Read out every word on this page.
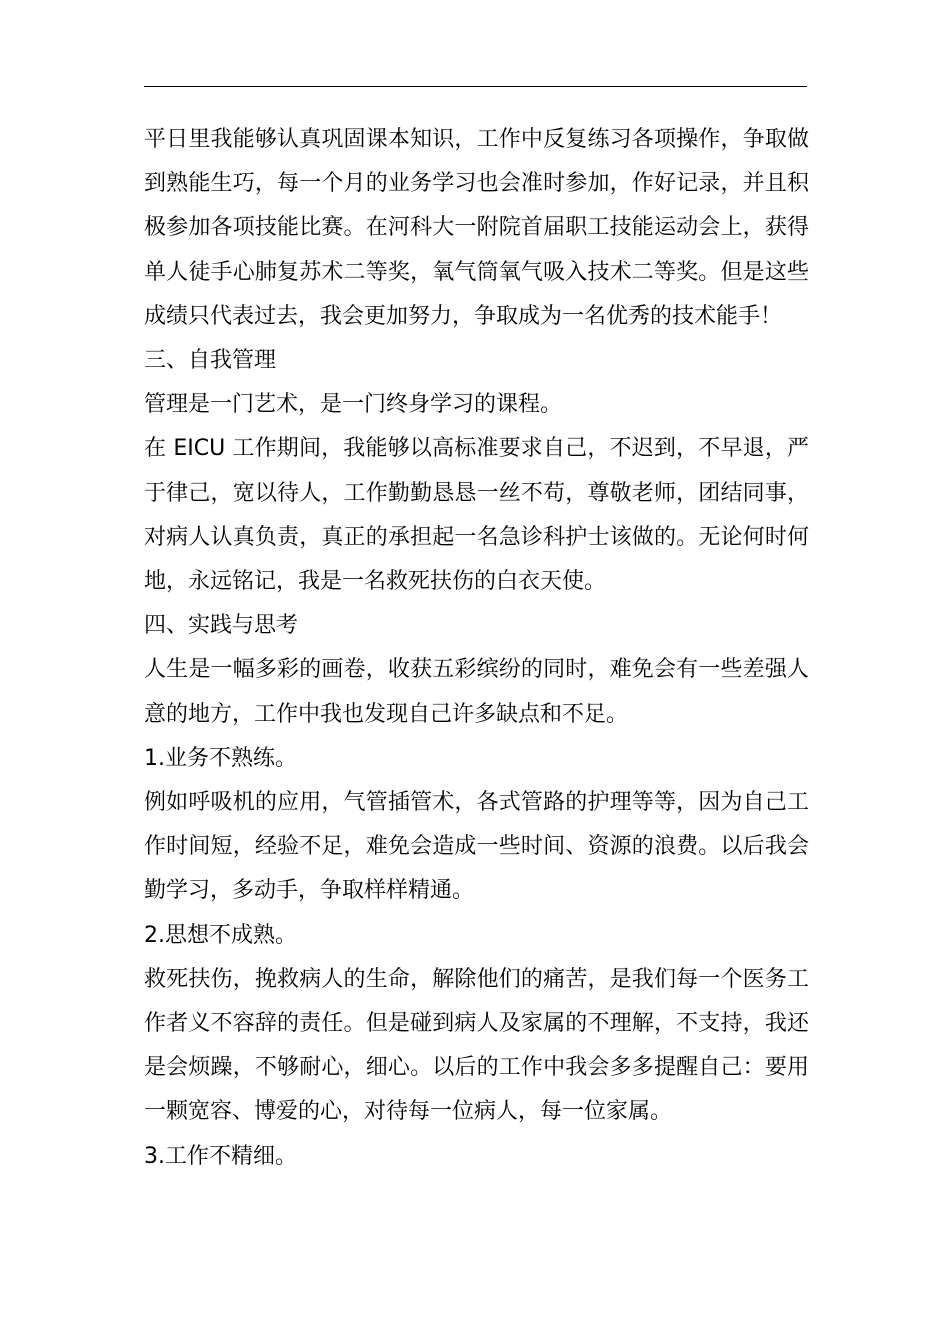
平日里我能够认真巩固课本知识，工作中反复练习各项操作，争取做到熟能生巧，每一个月的业务学习也会准时参加，作好记录，并且积极参加各项技能比赛。在河科大一附院首届职工技能运动会上，获得单人徒手心肺复苏术二等奖，氧气筒氧气吸入技术二等奖。但是这些成绩只代表过去，我会更加努力，争取成为一名优秀的技术能手！

三、自我管理

管理是一门艺术，是一门终身学习的课程。

在 EICU 工作期间，我能够以高标准要求自己，不迟到，不早退，严于律己，宽以待人，工作勤勤恳恳一丝不苟，尊敬老师，团结同事，对病人认真负责，真正的承担起一名急诊科护士该做的。无论何时何地，永远铭记，我是一名救死扶伤的白衣天使。

四、实践与思考

人生是一幅多彩的画卷，收获五彩缤纷的同时，难免会有一些差强人意的地方，工作中我也发现自己许多缺点和不足。

1.业务不熟练。

例如呼吸机的应用，气管插管术，各式管路的护理等等，因为自己工作时间短，经验不足，难免会造成一些时间、资源的浪费。以后我会勤学习，多动手，争取样样精通。

2.思想不成熟。

救死扶伤，挽救病人的生命，解除他们的痛苦，是我们每一个医务工作者义不容辞的责任。但是碰到病人及家属的不理解，不支持，我还是会烦躁，不够耐心，细心。以后的工作中我会多多提醒自己：要用一颗宽容、博爱的心，对待每一位病人，每一位家属。

3.工作不精细。
